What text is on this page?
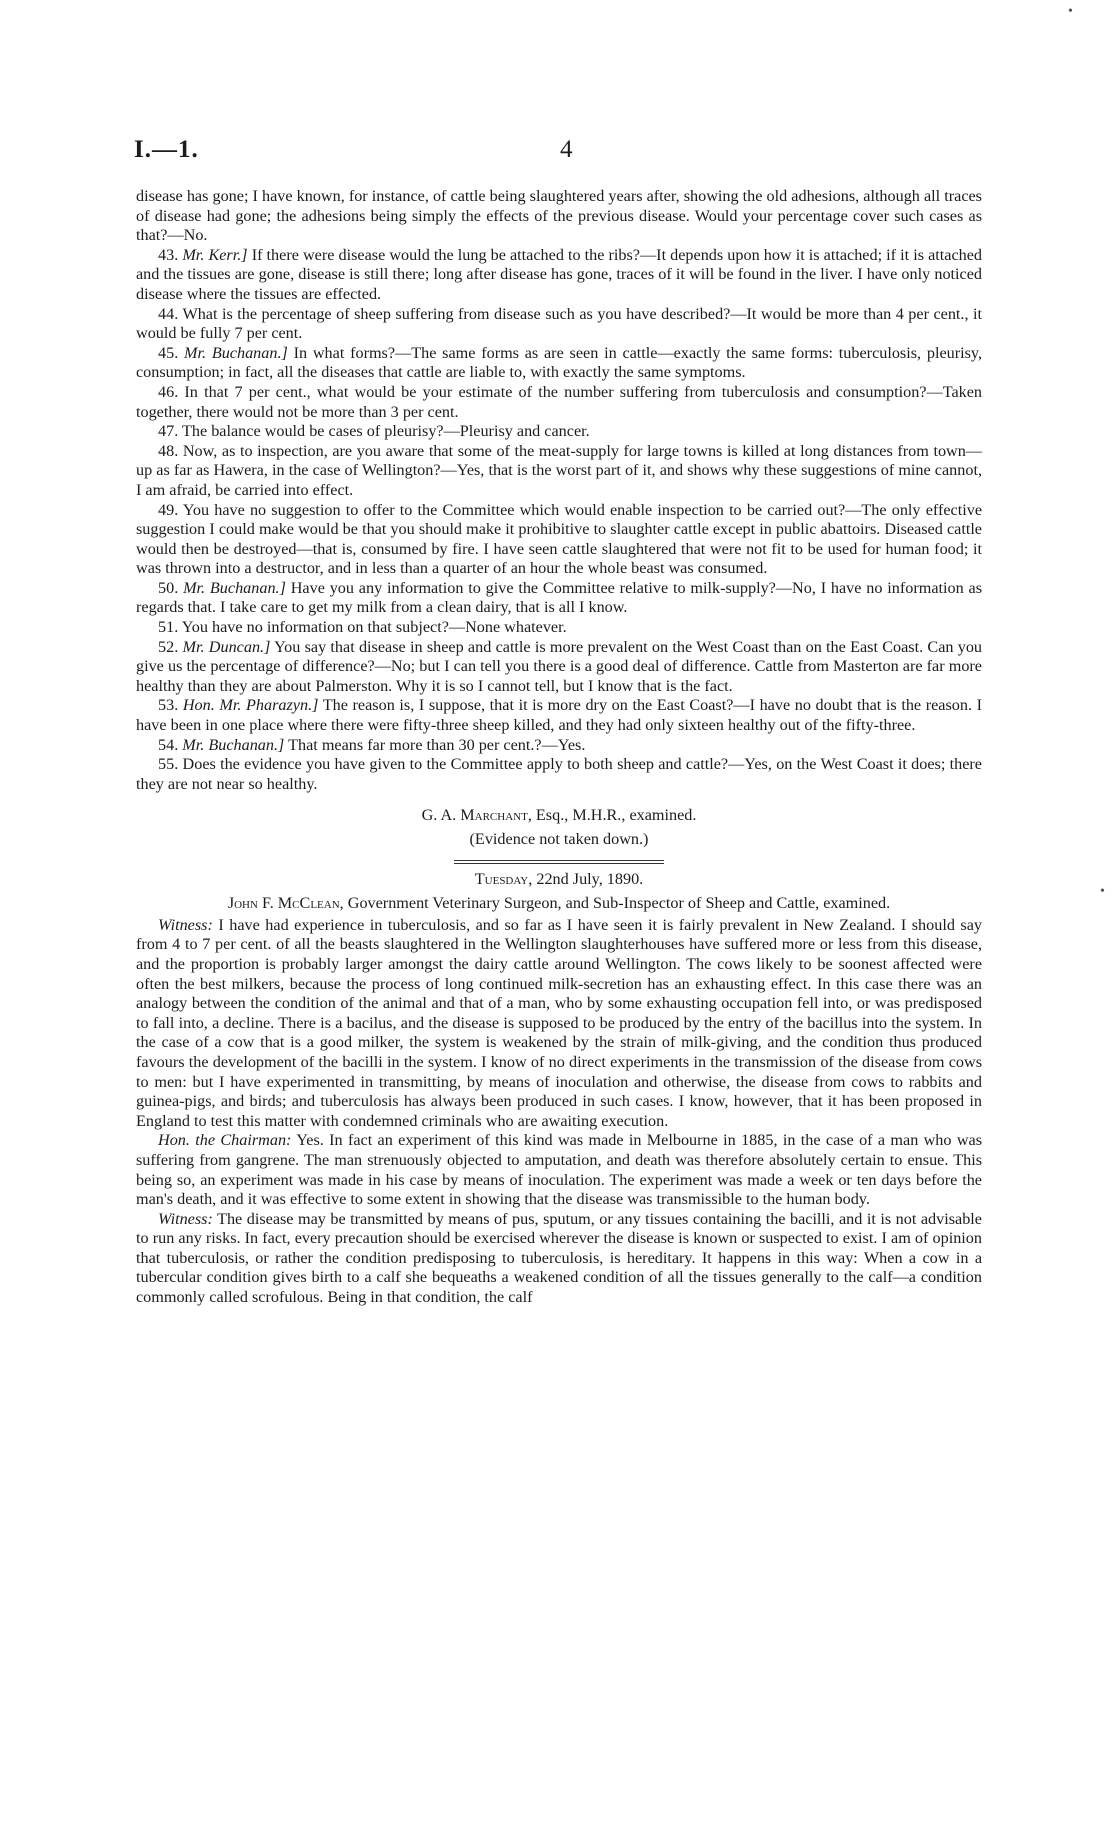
I.—1.	4

disease has gone; I have known, for instance, of cattle being slaughtered years after, showing the old adhesions, although all traces of disease had gone; the adhesions being simply the effects of the previous disease. Would your percentage cover such cases as that?—No.

43. Mr. Kerr.] If there were disease would the lung be attached to the ribs?—It depends upon how it is attached; if it is attached and the tissues are gone, disease is still there; long after disease has gone, traces of it will be found in the liver. I have only noticed disease where the tissues are effected.

44. What is the percentage of sheep suffering from disease such as you have described?—It would be more than 4 per cent., it would be fully 7 per cent.

45. Mr. Buchanan.] In what forms?—The same forms as are seen in cattle—exactly the same forms: tuberculosis, pleurisy, consumption; in fact, all the diseases that cattle are liable to, with exactly the same symptoms.

46. In that 7 per cent., what would be your estimate of the number suffering from tuberculosis and consumption?—Taken together, there would not be more than 3 per cent.

47. The balance would be cases of pleurisy?—Pleurisy and cancer.

48. Now, as to inspection, are you aware that some of the meat-supply for large towns is killed at long distances from town—up as far as Hawera, in the case of Wellington?—Yes, that is the worst part of it, and shows why these suggestions of mine cannot, I am afraid, be carried into effect.

49. You have no suggestion to offer to the Committee which would enable inspection to be carried out?—The only effective suggestion I could make would be that you should make it prohibitive to slaughter cattle except in public abattoirs. Diseased cattle would then be destroyed—that is, consumed by fire. I have seen cattle slaughtered that were not fit to be used for human food; it was thrown into a destructor, and in less than a quarter of an hour the whole beast was consumed.

50. Mr. Buchanan.] Have you any information to give the Committee relative to milk-supply?—No, I have no information as regards that. I take care to get my milk from a clean dairy, that is all I know.

51. You have no information on that subject?—None whatever.

52. Mr. Duncan.] You say that disease in sheep and cattle is more prevalent on the West Coast than on the East Coast. Can you give us the percentage of difference?—No; but I can tell you there is a good deal of difference. Cattle from Masterton are far more healthy than they are about Palmerston. Why it is so I cannot tell, but I know that is the fact.

53. Hon. Mr. Pharazyn.] The reason is, I suppose, that it is more dry on the East Coast?—I have no doubt that is the reason. I have been in one place where there were fifty-three sheep killed, and they had only sixteen healthy out of the fifty-three.

54. Mr. Buchanan.] That means far more than 30 per cent.?—Yes.

55. Does the evidence you have given to the Committee apply to both sheep and cattle?—Yes, on the West Coast it does; there they are not near so healthy.

G. A. Marchant, Esq., M.H.R., examined.

(Evidence not taken down.)

Tuesday, 22nd July, 1890.

John F. McClean, Government Veterinary Surgeon, and Sub-Inspector of Sheep and Cattle, examined.

Witness: I have had experience in tuberculosis, and so far as I have seen it is fairly prevalent in New Zealand. I should say from 4 to 7 per cent. of all the beasts slaughtered in the Wellington slaughterhouses have suffered more or less from this disease, and the proportion is probably larger amongst the dairy cattle around Wellington. The cows likely to be soonest affected were often the best milkers, because the process of long continued milk-secretion has an exhausting effect. In this case there was an analogy between the condition of the animal and that of a man, who by some exhausting occupation fell into, or was predisposed to fall into, a decline. There is a bacilus, and the disease is supposed to be produced by the entry of the bacillus into the system. In the case of a cow that is a good milker, the system is weakened by the strain of milk-giving, and the condition thus produced favours the development of the bacilli in the system. I know of no direct experiments in the transmission of the disease from cows to men: but I have experimented in transmitting, by means of inoculation and otherwise, the disease from cows to rabbits and guinea-pigs, and birds; and tuberculosis has always been produced in such cases. I know, however, that it has been proposed in England to test this matter with condemned criminals who are awaiting execution.

Hon. the Chairman: Yes. In fact an experiment of this kind was made in Melbourne in 1885, in the case of a man who was suffering from gangrene. The man strenuously objected to amputation, and death was therefore absolutely certain to ensue. This being so, an experiment was made in his case by means of inoculation. The experiment was made a week or ten days before the man's death, and it was effective to some extent in showing that the disease was transmissible to the human body.

Witness: The disease may be transmitted by means of pus, sputum, or any tissues containing the bacilli, and it is not advisable to run any risks. In fact, every precaution should be exercised wherever the disease is known or suspected to exist. I am of opinion that tuberculosis, or rather the condition predisposing to tuberculosis, is hereditary. It happens in this way: When a cow in a tubercular condition gives birth to a calf she bequeaths a weakened condition of all the tissues generally to the calf—a condition commonly called scrofulous. Being in that condition, the calf

•
•
